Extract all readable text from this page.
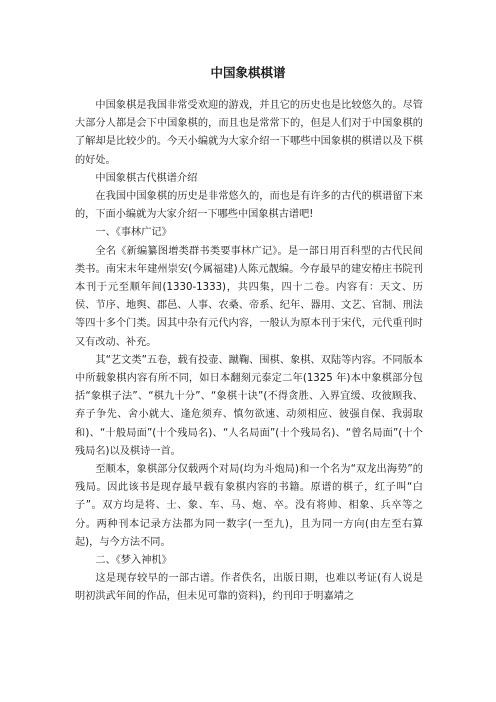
中国象棋棋谱

中国象棋是我国非常受欢迎的游戏，并且它的历史也是比较悠久的。尽管大部分人都是会下中国象棋的，而且也是常常下的，但是人们对于中国象棋的了解却是比较少的。今天小编就为大家介绍一下哪些中国象棋的棋谱以及下棋的好处。

中国象棋古代棋谱介绍

在我国中国象棋的历史是非常悠久的，而也是有许多的古代的棋谱留下来的，下面小编就为大家介绍一下哪些中国象棋古谱吧!

一、《事林广记》

全名《新编纂图增类群书类要事林广记》。是一部日用百科型的古代民间类书。南宋末年建州崇安(今属福建)人陈元靓编。今存最早的建安椿庄书院刊本刊于元至顺年间(1330-1333)，共四集，四十二卷。内容有：天文、历侯、节序、地舆、郡邑、人事、农桑、帝系、纪年、器用、文艺、官制、刑法等四十多个门类。因其中杂有元代内容，一般认为原本刊于宋代，元代重刊时又有改动、补充。

其“艺文类”五卷，载有投壶、蹴鞠、围棋、象棋、双陆等内容。不同版本中所载象棋内容有所不同，如日本翻刻元泰定二年(1325 年)本中象棋部分包括“象棋子法”、“棋九十分”、“象棋十诀”(不得贪胜、入界宜缓、攻彼顾我、弃子争先、舍小就大、逢危须弃、慎勿欲速、动须相应、彼强自保、我弱取和)、“十般局面”(十个残局名)、“人名局面”(十个残局名)、“曾名局面”(十个残局名)以及棋诗一首。

至顺本，象棋部分仅载两个对局(均为斗炮局)和一个名为“双龙出海势”的残局。因此该书是现存最早载有象棋内容的书籍。原谱的棋子，红子叫“白子”。双方均是将、士、象、车、马、炮、卒。没有将帅、相象、兵卒等之分。两种刊本记录方法都为同一数字(一至九)，且为同一方向(由左至右算起)，与今方法不同。

二、《梦入神机》

这是现存较早的一部古谱。作者佚名，出版日期，也难以考证(有人说是明初洪武年间的作品，但未见可靠的资料)，约刊印于明嘉靖之
